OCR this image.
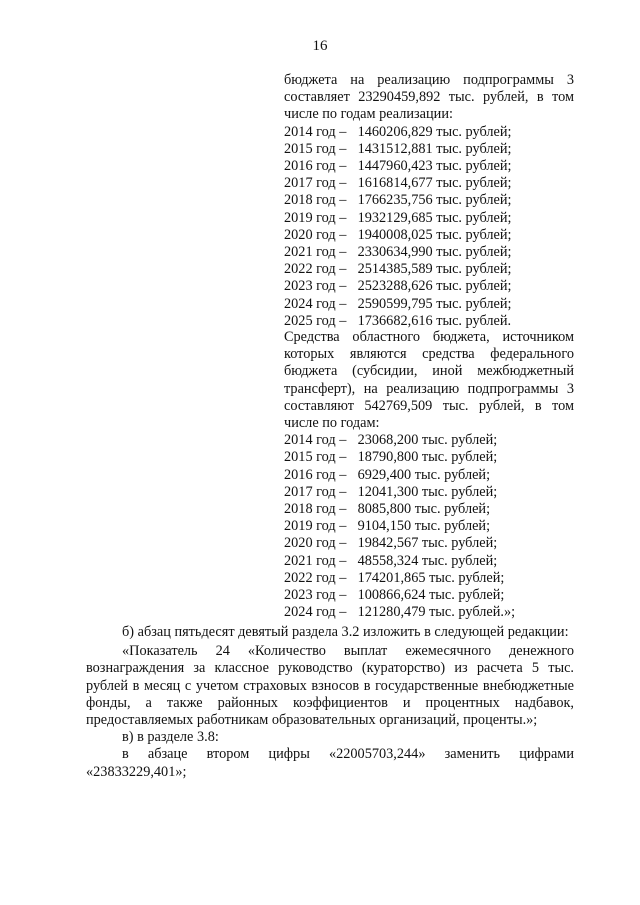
16

бюджета на реализацию подпрограммы 3 составляет 23290459,892 тыс. рублей, в том числе по годам реализации:

2014 год – 1460206,829 тыс. рублей;
2015 год – 1431512,881 тыс. рублей;
2016 год – 1447960,423 тыс. рублей;
2017 год – 1616814,677 тыс. рублей;
2018 год – 1766235,756 тыс. рублей;
2019 год – 1932129,685 тыс. рублей;
2020 год – 1940008,025 тыс. рублей;
2021 год – 2330634,990 тыс. рублей;
2022 год – 2514385,589 тыс. рублей;
2023 год – 2523288,626 тыс. рублей;
2024 год – 2590599,795 тыс. рублей;
2025 год – 1736682,616 тыс. рублей.

Средства областного бюджета, источником которых являются средства федерального бюджета (субсидии, иной межбюджетный трансферт), на реализацию подпрограммы 3 составляют 542769,509 тыс. рублей, в том числе по годам:

2014 год – 23068,200 тыс. рублей;
2015 год – 18790,800 тыс. рублей;
2016 год – 6929,400 тыс. рублей;
2017 год – 12041,300 тыс. рублей;
2018 год – 8085,800 тыс. рублей;
2019 год – 9104,150 тыс. рублей;
2020 год – 19842,567 тыс. рублей;
2021 год – 48558,324 тыс. рублей;
2022 год – 174201,865 тыс. рублей;
2023 год – 100866,624 тыс. рублей;
2024 год – 121280,479 тыс. рублей.»;

б) абзац пятьдесят девятый раздела 3.2 изложить в следующей редакции:

«Показатель 24 «Количество выплат ежемесячного денежного вознаграждения за классное руководство (кураторство) из расчета 5 тыс. рублей в месяц с учетом страховых взносов в государственные внебюджетные фонды, а также районных коэффициентов и процентных надбавок, предоставляемых работникам образовательных организаций, проценты.»;

в) в разделе 3.8:

в абзаце втором цифры «22005703,244» заменить цифрами «23833229,401»;
